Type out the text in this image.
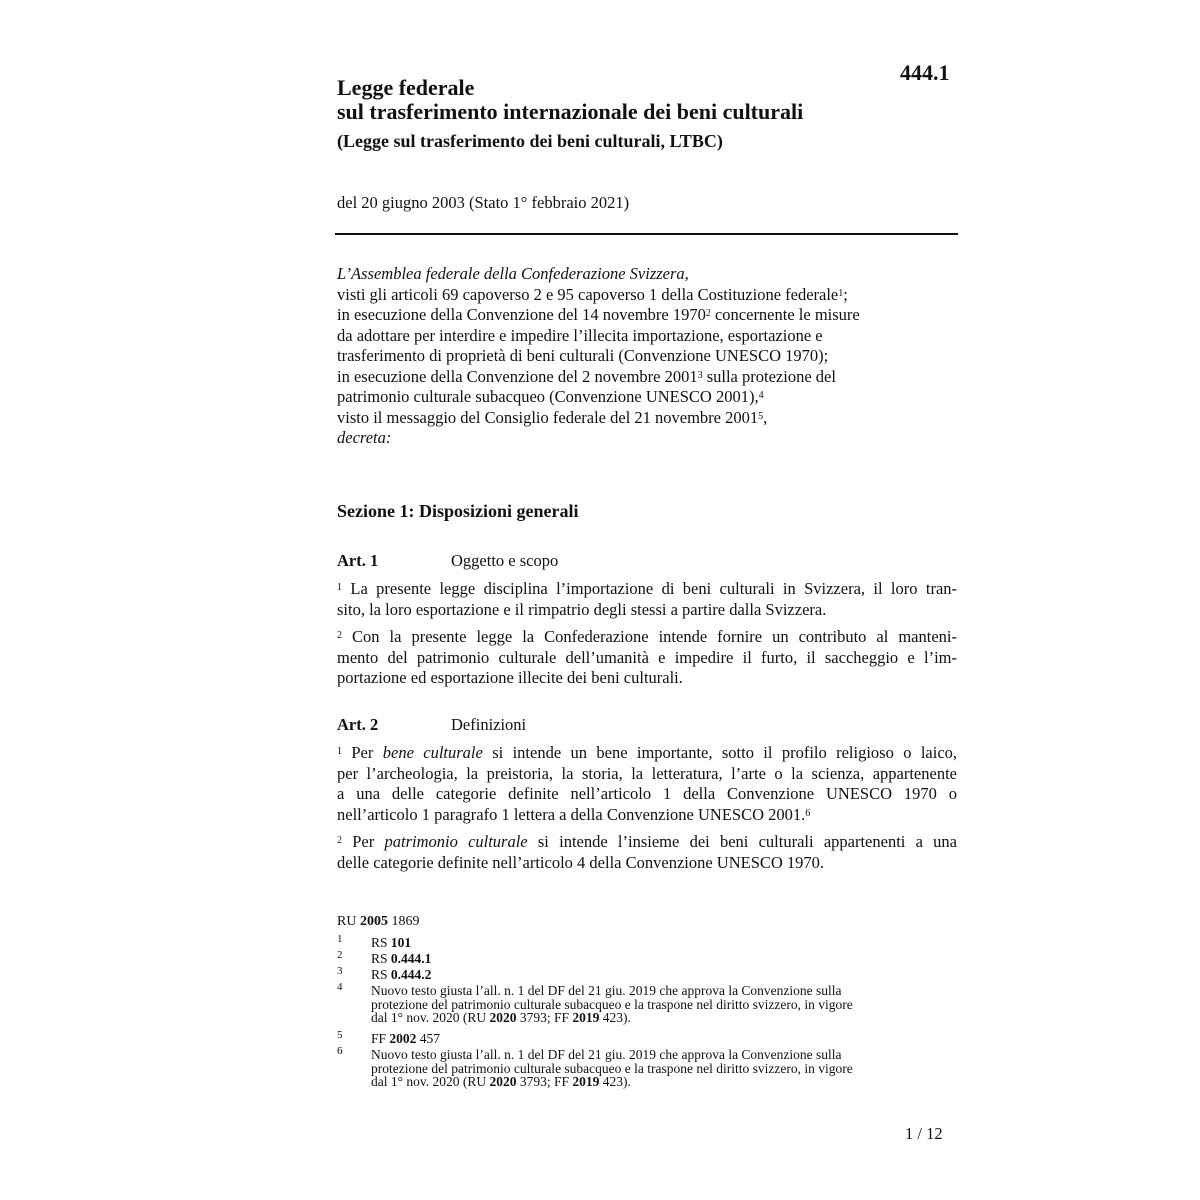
444.1
Legge federale
sul trasferimento internazionale dei beni culturali
(Legge sul trasferimento dei beni culturali, LTBC)
del 20 giugno 2003 (Stato 1° febbraio 2021)
L’Assemblea federale della Confederazione Svizzera,
visti gli articoli 69 capoverso 2 e 95 capoverso 1 della Costituzione federale$^1$;
in esecuzione della Convenzione del 14 novembre 1970$^2$ concernente le misure
da adottare per interdire e impedire l’illecita importazione, esportazione e
trasferimento di proprietà di beni culturali (Convenzione UNESCO 1970);
in esecuzione della Convenzione del 2 novembre 2001$^3$ sulla protezione del
patrimonio culturale subacqueo (Convenzione UNESCO 2001),$^4$
visto il messaggio del Consiglio federale del 21 novembre 2001$^5$,
decreta:
Sezione 1: Disposizioni generali
Art. 1	Oggetto e scopo
$^1$ La presente legge disciplina l’importazione di beni culturali in Svizzera, il loro tran-
sito, la loro esportazione e il rimpatrio degli stessi a partire dalla Svizzera.
$^2$ Con la presente legge la Confederazione intende fornire un contributo al manteni-
mento del patrimonio culturale dell’umanità e impedire il furto, il saccheggio e l’im-
portazione ed esportazione illecite dei beni culturali.
Art. 2	Definizioni
$^1$ Per bene culturale si intende un bene importante, sotto il profilo religioso o laico,
per l’archeologia, la preistoria, la storia, la letteratura, l’arte o la scienza, appartenente
a una delle categorie definite nell’articolo 1 della Convenzione UNESCO 1970 o
nell’articolo 1 paragrafo 1 lettera a della Convenzione UNESCO 2001.$^6$
$^2$ Per patrimonio culturale si intende l’insieme dei beni culturali appartenenti a una
delle categorie definite nell’articolo 4 della Convenzione UNESCO 1970.
RU 2005 1869
1 RS 101
2 RS 0.444.1
3 RS 0.444.2
4 Nuovo testo giusta l’all. n. 1 del DF del 21 giu. 2019 che approva la Convenzione sulla
protezione del patrimonio culturale subacqueo e la traspone nel diritto svizzero, in vigore
dal 1° nov. 2020 (RU 2020 3793; FF 2019 423).
5 FF 2002 457
6 Nuovo testo giusta l’all. n. 1 del DF del 21 giu. 2019 che approva la Convenzione sulla
protezione del patrimonio culturale subacqueo e la traspone nel diritto svizzero, in vigore
dal 1° nov. 2020 (RU 2020 3793; FF 2019 423).
1 / 12
